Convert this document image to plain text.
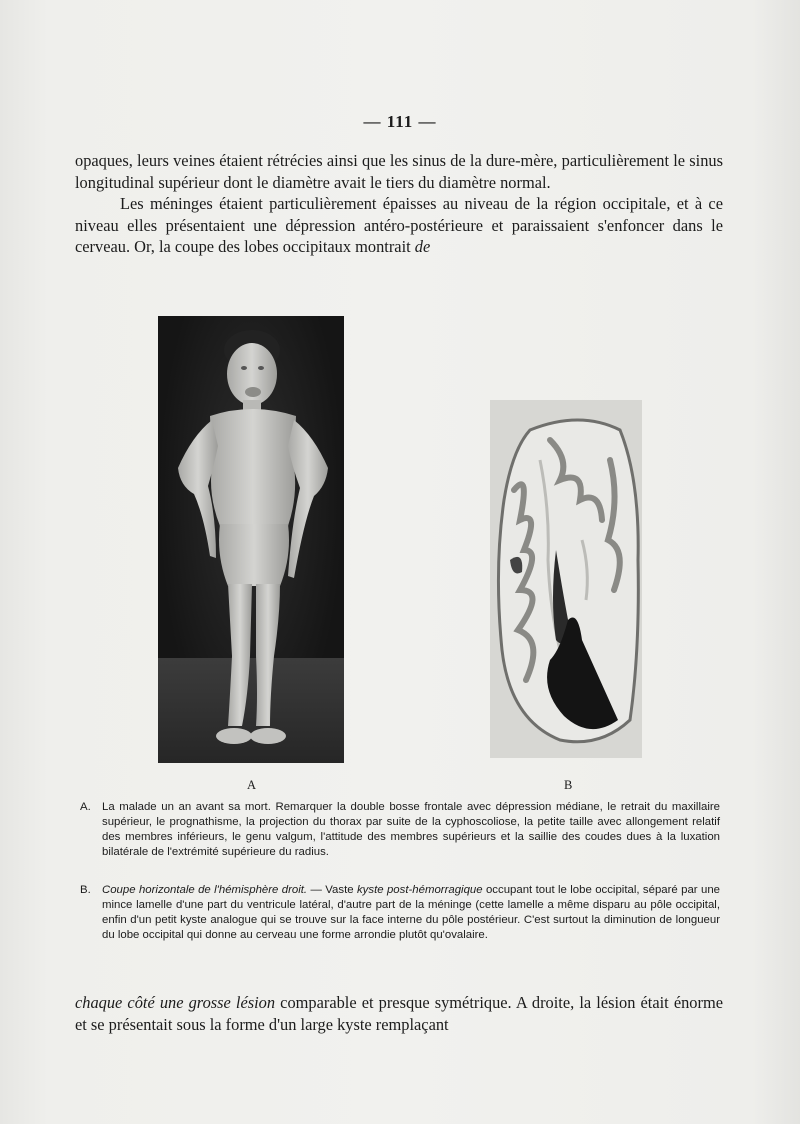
— 111 —

opaques, leurs veines étaient rétrécies ainsi que les sinus de la dure-mère, particulièrement le sinus longitudinal supérieur dont le diamètre avait le tiers du diamètre normal.

Les méninges étaient particulièrement épaisses au niveau de la région occipitale, et à ce niveau elles présentaient une dépression antéro-postérieure et paraissaient s'enfoncer dans le cerveau. Or, la coupe des lobes occipitaux montrait de

A	B
A. La malade un an avant sa mort. Remarquer la double bosse frontale avec dépression médiane, le retrait du maxillaire supérieur, le prognathisme, la projection du thorax par suite de la cyphoscoliose, la petite taille avec allongement relatif des membres inférieurs, le genu valgum, l'attitude des membres supérieurs et la saillie des coudes dues à la luxation bilatérale de l'extrémité supérieure du radius.
B. Coupe horizontale de l'hémisphère droit. — Vaste kyste post-hémorragique occupant tout le lobe occipital, séparé par une mince lamelle d'une part du ventricule latéral, d'autre part de la méninge (cette lamelle a même disparu au pôle occipital, enfin d'un petit kyste analogue qui se trouve sur la face interne du pôle postérieur. C'est surtout la diminution de longueur du lobe occipital qui donne au cerveau une forme arrondie plutôt qu'ovalaire.

chaque côté une grosse lésion comparable et presque symétrique. A droite, la lésion était énorme et se présentait sous la forme d'un large kyste remplaçant
